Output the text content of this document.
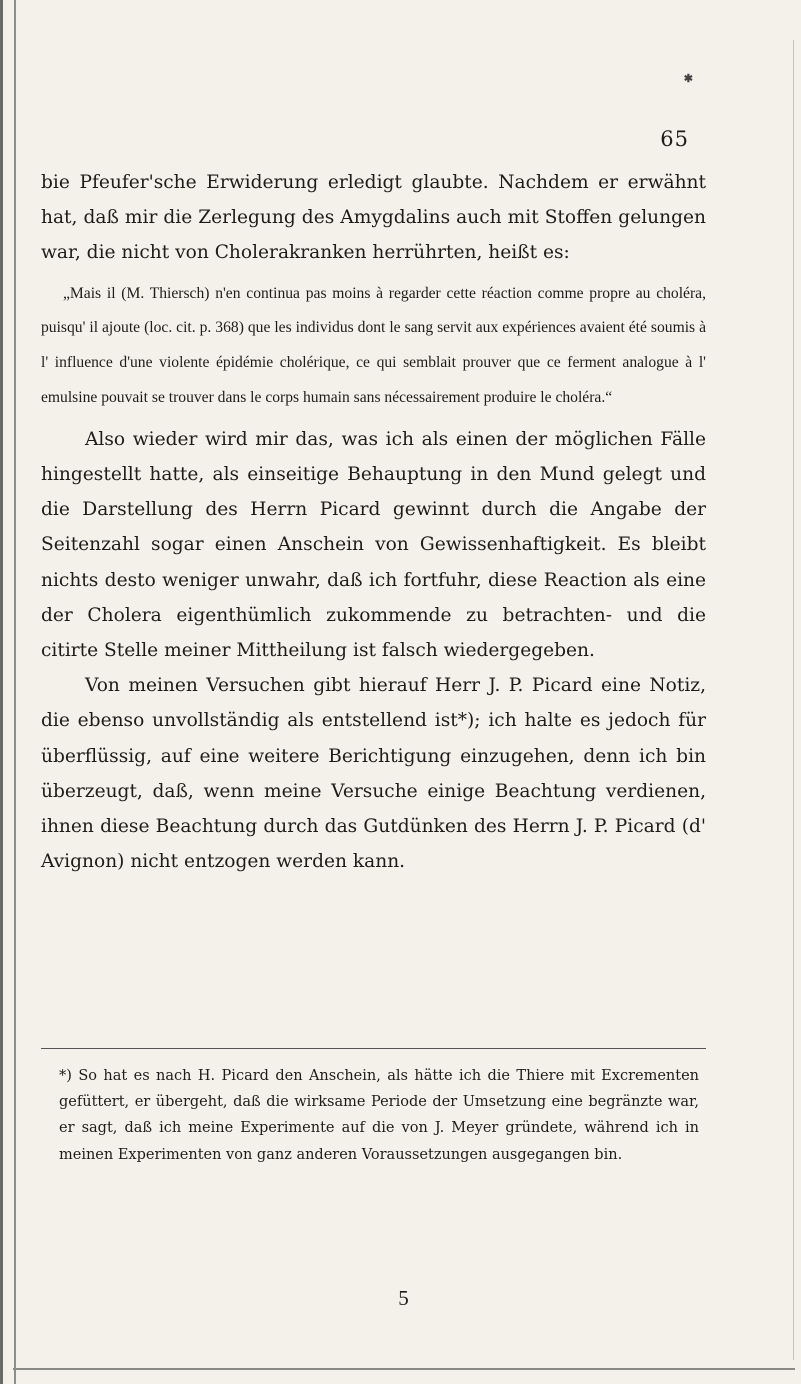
✱
65

bie Pfeufer'sche Erwiderung erledigt glaubte. Nachdem er erwähnt hat, daß mir die Zerlegung des Amygdalins auch mit Stoffen gelungen war, die nicht von Cholerakranken herrührten, heißt es:

„Mais il (M. Thiersch) n'en continua pas moins à regarder cette réaction comme propre au choléra, puisqu' il ajoute (loc. cit. p. 368) que les individus dont le sang servit aux expériences avaient été soumis à l' influence d'une violente épidémie cholérique, ce qui semblait prouver que ce ferment analogue à l' emulsine pouvait se trouver dans le corps humain sans nécessairement produire le choléra.“

Also wieder wird mir das, was ich als einen der möglichen Fälle hingestellt hatte, als einseitige Behauptung in den Mund gelegt und die Darstellung des Herrn Picard gewinnt durch die Angabe der Seitenzahl sogar einen Anschein von Gewissenhaftigkeit. Es bleibt nichts desto weniger unwahr, daß ich fortfuhr, diese Reaction als eine der Cholera eigenthümlich zukommende zu betrachten- und die citirte Stelle meiner Mittheilung ist falsch wiedergegeben.

Von meinen Versuchen gibt hierauf Herr J. P. Picard eine Notiz, die ebenso unvollständig als entstellend ist*); ich halte es jedoch für überflüssig, auf eine weitere Berichtigung einzugehen, denn ich bin überzeugt, daß, wenn meine Versuche einige Beachtung verdienen, ihnen diese Beachtung durch das Gutdünken des Herrn J. P. Picard (d' Avignon) nicht entzogen werden kann.

*) So hat es nach H. Picard den Anschein, als hätte ich die Thiere mit Excrementen gefüttert, er übergeht, daß die wirksame Periode der Umsetzung eine begränzte war, er sagt, daß ich meine Experimente auf die von J. Meyer gründete, während ich in meinen Experimenten von ganz anderen Voraussetzungen ausgegangen bin.
5
